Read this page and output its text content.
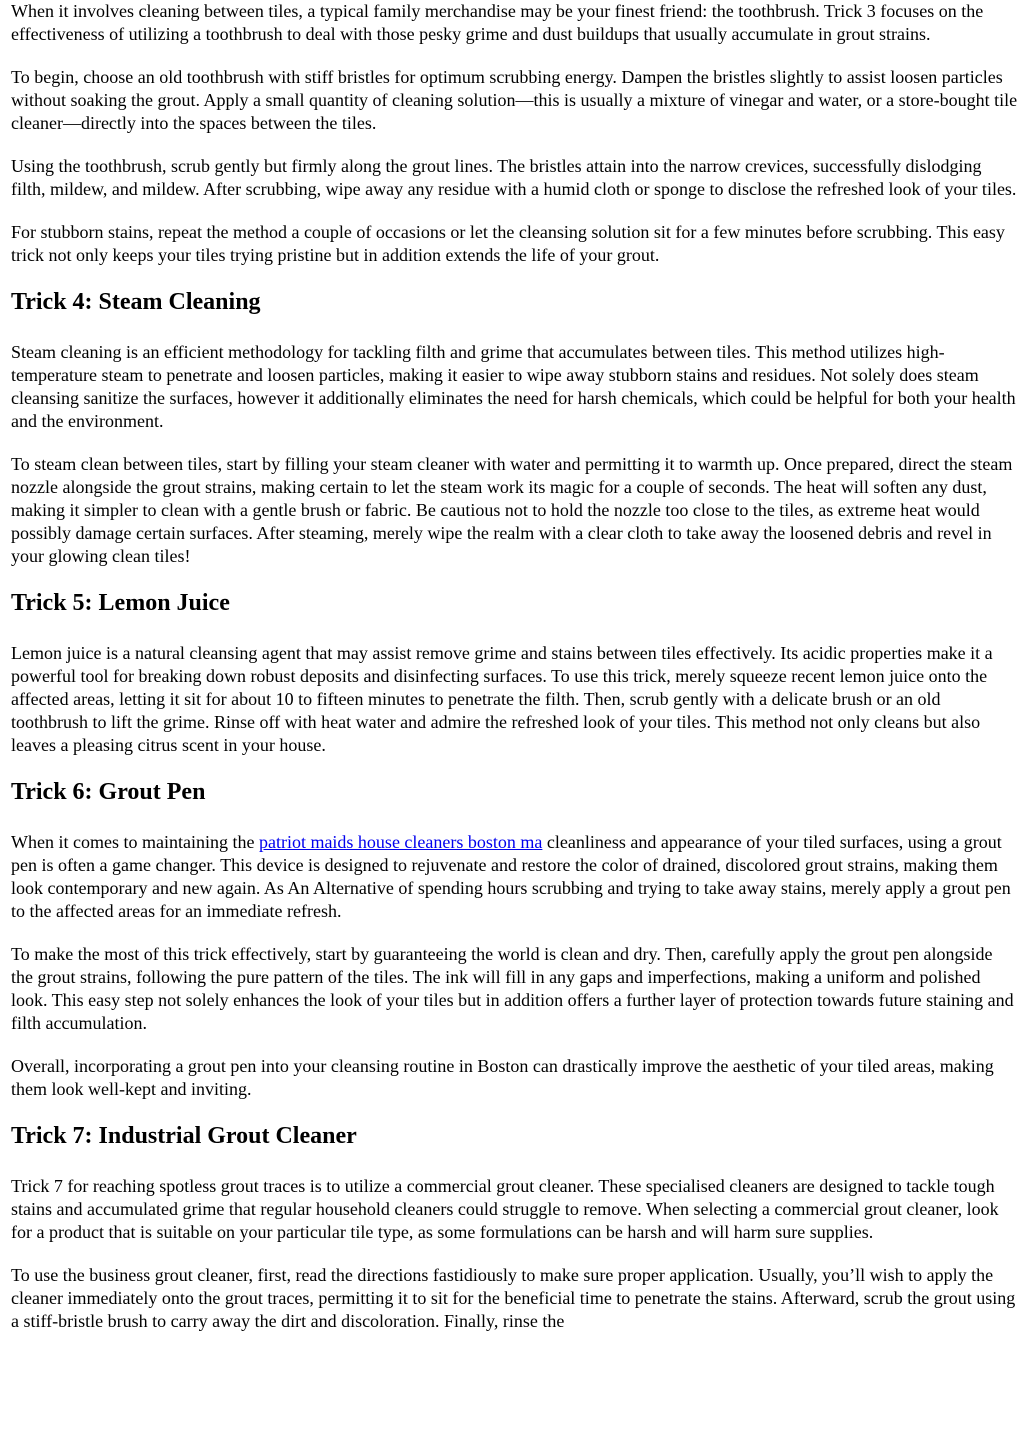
When it involves cleaning between tiles, a typical family merchandise may be your finest friend: the toothbrush. Trick 3 focuses on the effectiveness of utilizing a toothbrush to deal with those pesky grime and dust buildups that usually accumulate in grout strains.

To begin, choose an old toothbrush with stiff bristles for optimum scrubbing energy. Dampen the bristles slightly to assist loosen particles without soaking the grout. Apply a small quantity of cleaning solution—this is usually a mixture of vinegar and water, or a store-bought tile cleaner—directly into the spaces between the tiles.

Using the toothbrush, scrub gently but firmly along the grout lines. The bristles attain into the narrow crevices, successfully dislodging filth, mildew, and mildew. After scrubbing, wipe away any residue with a humid cloth or sponge to disclose the refreshed look of your tiles.

For stubborn stains, repeat the method a couple of occasions or let the cleansing solution sit for a few minutes before scrubbing. This easy trick not only keeps your tiles trying pristine but in addition extends the life of your grout.

Trick 4: Steam Cleaning

Steam cleaning is an efficient methodology for tackling filth and grime that accumulates between tiles. This method utilizes high-temperature steam to penetrate and loosen particles, making it easier to wipe away stubborn stains and residues. Not solely does steam cleansing sanitize the surfaces, however it additionally eliminates the need for harsh chemicals, which could be helpful for both your health and the environment.

To steam clean between tiles, start by filling your steam cleaner with water and permitting it to warmth up. Once prepared, direct the steam nozzle alongside the grout strains, making certain to let the steam work its magic for a couple of seconds. The heat will soften any dust, making it simpler to clean with a gentle brush or fabric. Be cautious not to hold the nozzle too close to the tiles, as extreme heat would possibly damage certain surfaces. After steaming, merely wipe the realm with a clear cloth to take away the loosened debris and revel in your glowing clean tiles!

Trick 5: Lemon Juice

Lemon juice is a natural cleansing agent that may assist remove grime and stains between tiles effectively. Its acidic properties make it a powerful tool for breaking down robust deposits and disinfecting surfaces. To use this trick, merely squeeze recent lemon juice onto the affected areas, letting it sit for about 10 to fifteen minutes to penetrate the filth. Then, scrub gently with a delicate brush or an old toothbrush to lift the grime. Rinse off with heat water and admire the refreshed look of your tiles. This method not only cleans but also leaves a pleasing citrus scent in your house.

Trick 6: Grout Pen

When it comes to maintaining the patriot maids house cleaners boston ma cleanliness and appearance of your tiled surfaces, using a grout pen is often a game changer. This device is designed to rejuvenate and restore the color of drained, discolored grout strains, making them look contemporary and new again. As An Alternative of spending hours scrubbing and trying to take away stains, merely apply a grout pen to the affected areas for an immediate refresh.

To make the most of this trick effectively, start by guaranteeing the world is clean and dry. Then, carefully apply the grout pen alongside the grout strains, following the pure pattern of the tiles. The ink will fill in any gaps and imperfections, making a uniform and polished look. This easy step not solely enhances the look of your tiles but in addition offers a further layer of protection towards future staining and filth accumulation.

Overall, incorporating a grout pen into your cleansing routine in Boston can drastically improve the aesthetic of your tiled areas, making them look well-kept and inviting.

Trick 7: Industrial Grout Cleaner

Trick 7 for reaching spotless grout traces is to utilize a commercial grout cleaner. These specialised cleaners are designed to tackle tough stains and accumulated grime that regular household cleaners could struggle to remove. When selecting a commercial grout cleaner, look for a product that is suitable on your particular tile type, as some formulations can be harsh and will harm sure supplies.

To use the business grout cleaner, first, read the directions fastidiously to make sure proper application. Usually, you’ll wish to apply the cleaner immediately onto the grout traces, permitting it to sit for the beneficial time to penetrate the stains. Afterward, scrub the grout using a stiff-bristle brush to carry away the dirt and discoloration. Finally, rinse the
